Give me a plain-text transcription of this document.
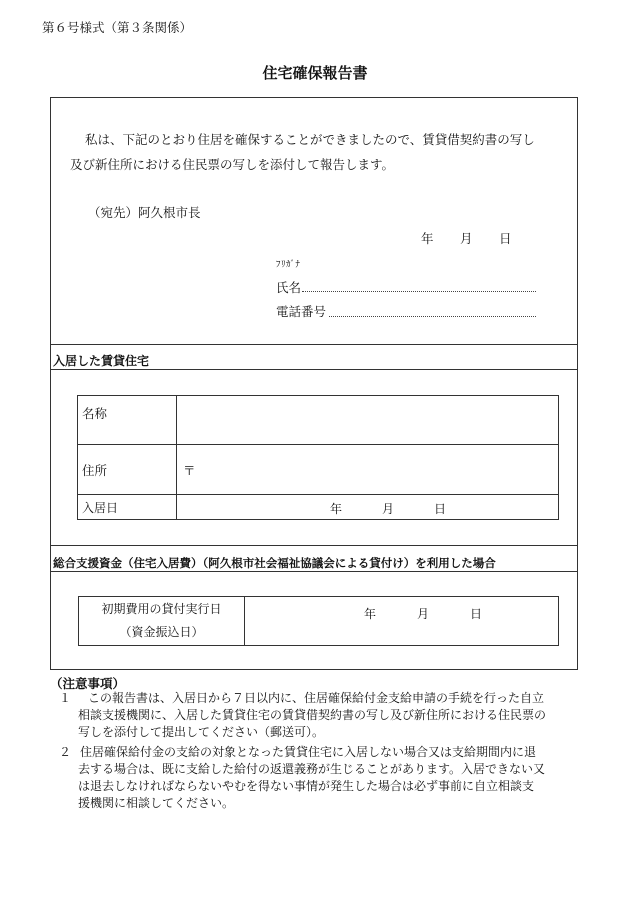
第６号様式（第３条関係）
住宅確保報告書
私は、下記のとおり住居を確保することができましたので、賃貸借契約書の写し
及び新住所における住民票の写しを添付して報告します。
（宛先）阿久根市長
年 月 日
ﾌﾘｶﾞﾅ
氏名
電話番号
入居した賃貸住宅
名称	

住所	〒

入居日	年 月 日
総合支援資金（住宅入居費）（阿久根市社会福祉協議会による貸付け）を利用した場合
初期費用の貸付実行日
（資金振込日）

年	月	日
（注意事項）
１ この報告書は、入居日から７日以内に、住居確保給付金支給申請の手続を行った自立
相談支援機関に、入居した賃貸住宅の賃貸借契約書の写し及び新住所における住民票の
写しを添付して提出してください（郵送可）。
２ 住居確保給付金の支給の対象となった賃貸住宅に入居しない場合又は支給期間内に退
去する場合は、既に支給した給付の返還義務が生じることがあります。入居できない又
は退去しなければならないやむを得ない事情が発生した場合は必ず事前に自立相談支
援機関に相談してください。
